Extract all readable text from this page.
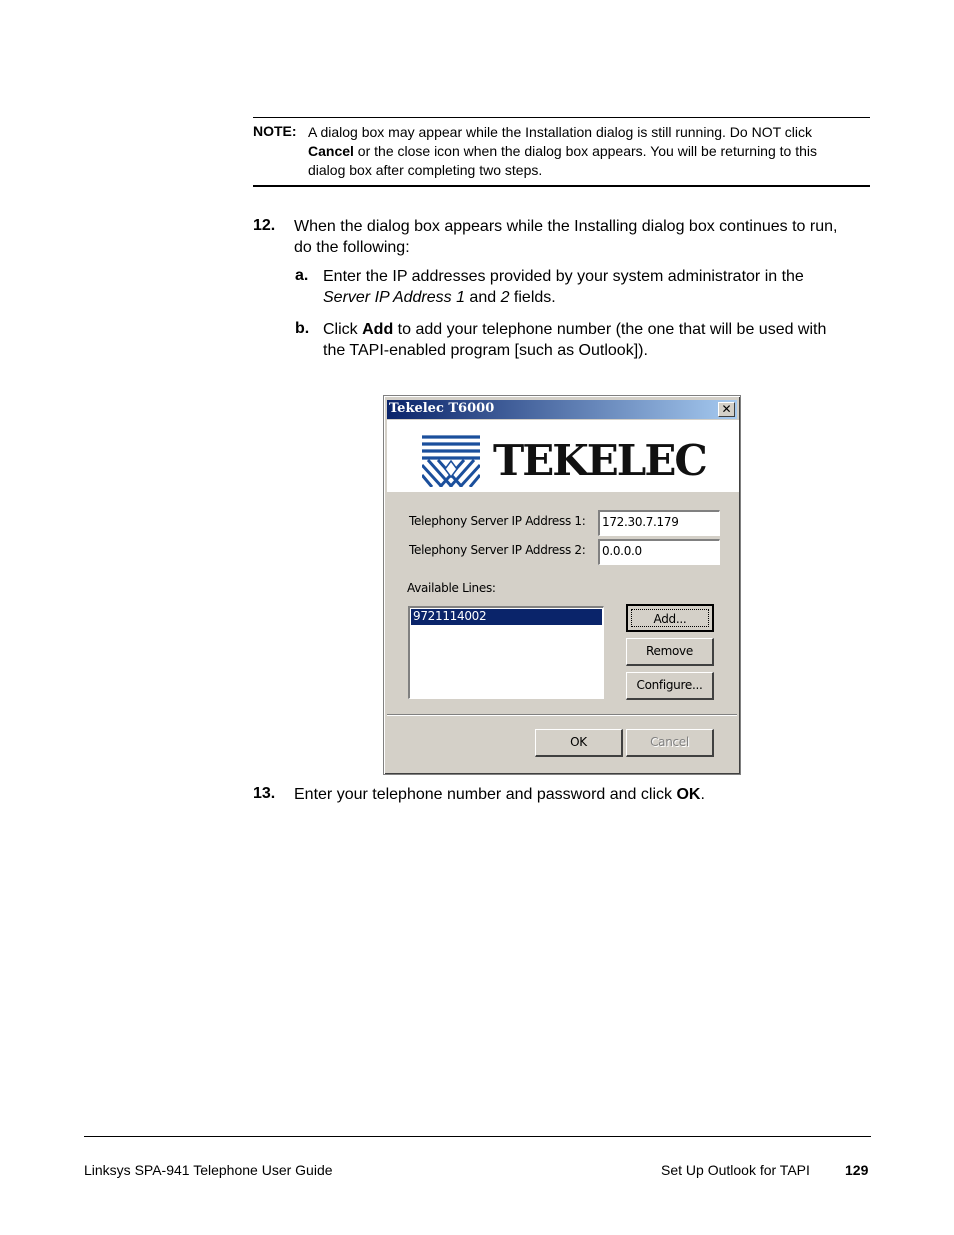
NOTE: A dialog box may appear while the Installation dialog is still running. Do NOT click
Cancel or the close icon when the dialog box appears. You will be returning to this
dialog box after completing two steps.
12. When the dialog box appears while the Installing dialog box continues to run,
do the following:
a. Enter the IP addresses provided by your system administrator in the
Server IP Address 1 and 2 fields.
b. Click Add to add your telephone number (the one that will be used with
the TAPI-enabled program [such as Outlook]).
Tekelec T6000	✕
TEKELEC
Telephony Server IP Address 1:	172.30.7.179
Telephony Server IP Address 2:	0.0.0.0
Available Lines:
9721114002	Add...
Remove
Configure...
OK	Cancel
13. Enter your telephone number and password and click OK.
Linksys SPA-941 Telephone User Guide	Set Up Outlook for TAPI	129
